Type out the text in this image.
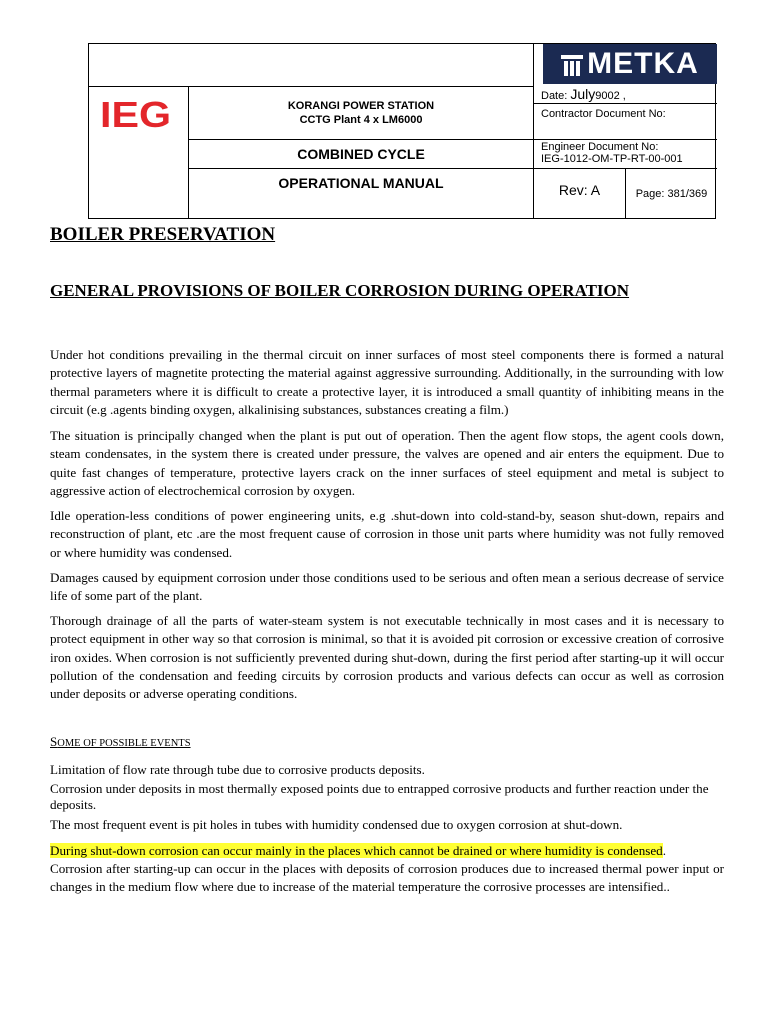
IEG
METKA
KORANGI POWER STATION
CCTG Plant 4 x LM6000
COMBINED CYCLE
OPERATIONAL MANUAL
Date: July9002 ,
Contractor Document No:
Engineer Document No:
IEG-1012-OM-TP-RT-00-001
Rev: A	Page:
381/369
BOILER PRESERVATION
GENERAL PROVISIONS OF BOILER CORROSION DURING OPERATION

Under hot conditions prevailing in the thermal circuit on inner surfaces of most steel components there is formed a natural protective layers of magnetite protecting the material against aggressive surrounding. Additionally, in the surrounding with low thermal parameters where it is difficult to create a protective layer, it is introduced a small quantity of inhibiting means in the circuit (e.g .agents binding oxygen, alkalinising substances, substances creating a film.)

The situation is principally changed when the plant is put out of operation. Then the agent flow stops, the agent cools down, steam condensates, in the system there is created under pressure, the valves are opened and air enters the equipment. Due to quite fast changes of temperature, protective layers crack on the inner surfaces of steel equipment and metal is subject to aggressive action of electrochemical corrosion by oxygen.

Idle operation-less conditions of power engineering units, e.g .shut-down into cold-stand-by, season shut-down, repairs and reconstruction of plant, etc .are the most frequent cause of corrosion in those unit parts where humidity was not fully removed or where humidity was condensed.

Damages caused by equipment corrosion under those conditions used to be serious and often mean a serious decrease of service life of some part of the plant.

Thorough drainage of all the parts of water-steam system is not executable technically in most cases and it is necessary to protect equipment in other way so that corrosion is minimal, so that it is avoided pit corrosion or excessive creation of corrosive iron oxides. When corrosion is not sufficiently prevented during shut-down, during the first period after starting-up it will occur pollution of the condensation and feeding circuits by corrosion products and various defects can occur as well as corrosion under deposits or adverse operating conditions.

SOME OF POSSIBLE EVENTS

Limitation of flow rate through tube due to corrosive products deposits.

Corrosion under deposits in most thermally exposed points due to entrapped corrosive products and further reaction under the deposits.

The most frequent event is pit holes in tubes with humidity condensed due to oxygen corrosion at shut-down.

During shut-down corrosion can occur mainly in the places which cannot be drained or where humidity is condensed.

Corrosion after starting-up can occur in the places with deposits of corrosion produces due to increased thermal power input or changes in the medium flow where due to increase of the material temperature the corrosive processes are intensified..
